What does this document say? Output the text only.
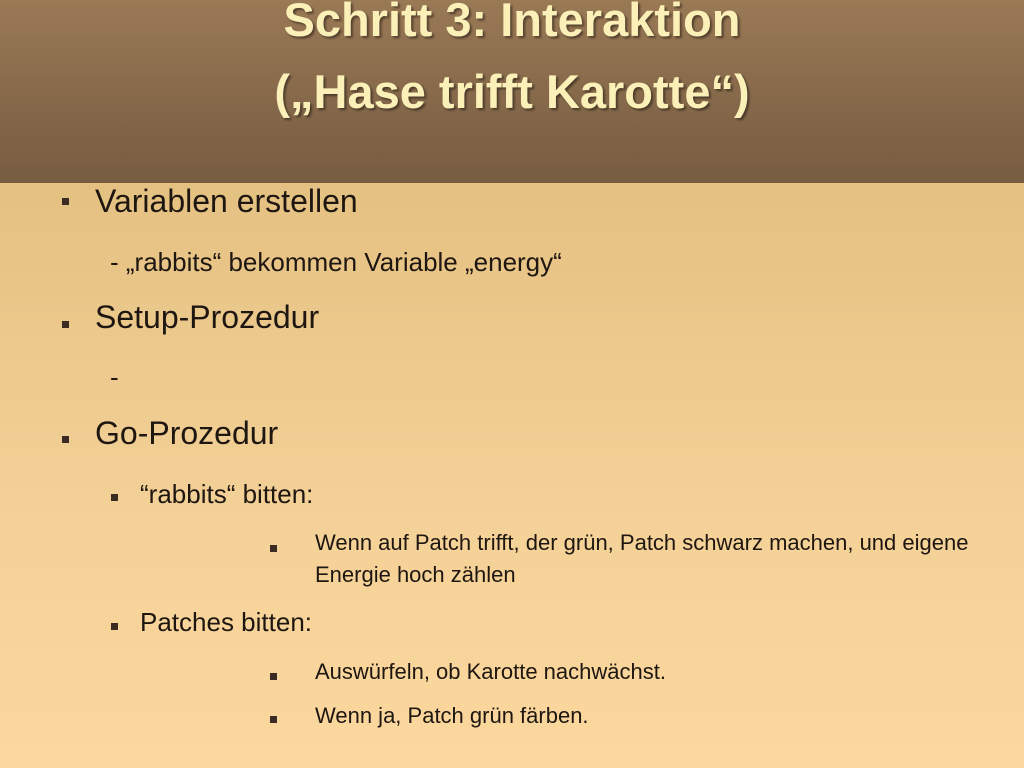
Schritt 3: Interaktion
(„Hase trifft Karotte“)
Variablen erstellen
- „rabbits“ bekommen Variable „energy“
Setup-Prozedur
-
Go-Prozedur
“rabbits“ bitten:
Wenn auf Patch trifft, der grün, Patch schwarz machen, und eigene Energie hoch zählen
Patches bitten:
Auswürfeln, ob Karotte nachwächst.
Wenn ja, Patch grün färben.
